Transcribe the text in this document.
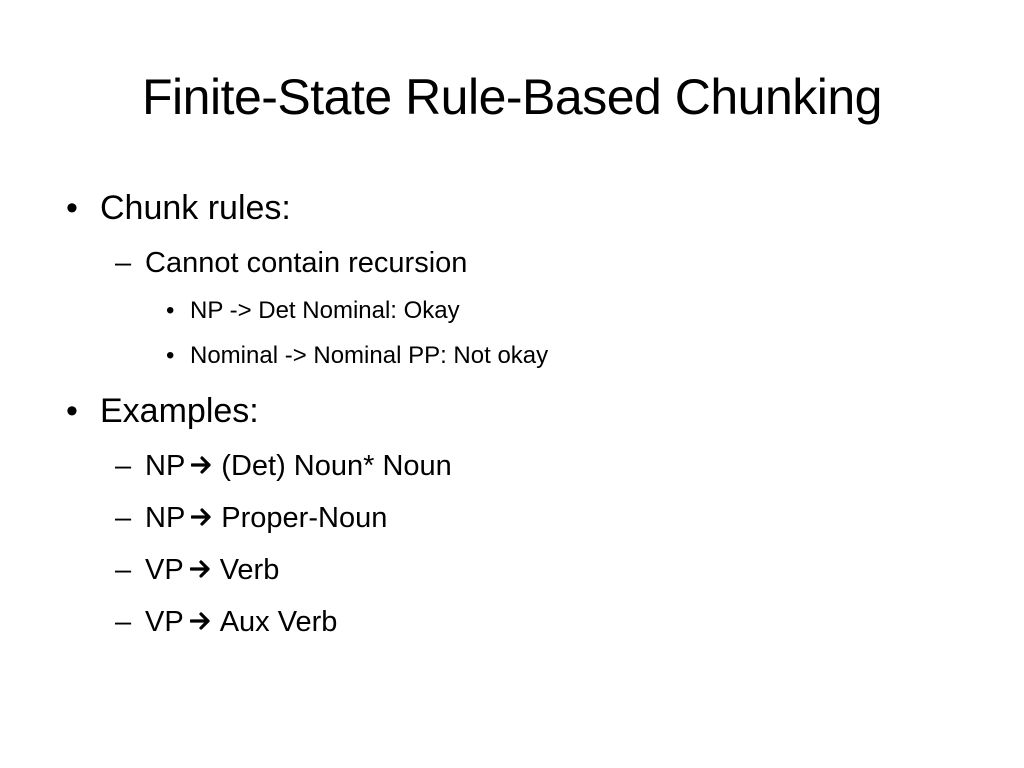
Finite-State Rule-Based Chunking
• Chunk rules:
– Cannot contain recursion
• NP -> Det Nominal: Okay
• Nominal -> Nominal PP: Not okay
• Examples:
– NP (Det) Noun* Noun
– NP Proper-Noun
– VP Verb
– VP Aux Verb
